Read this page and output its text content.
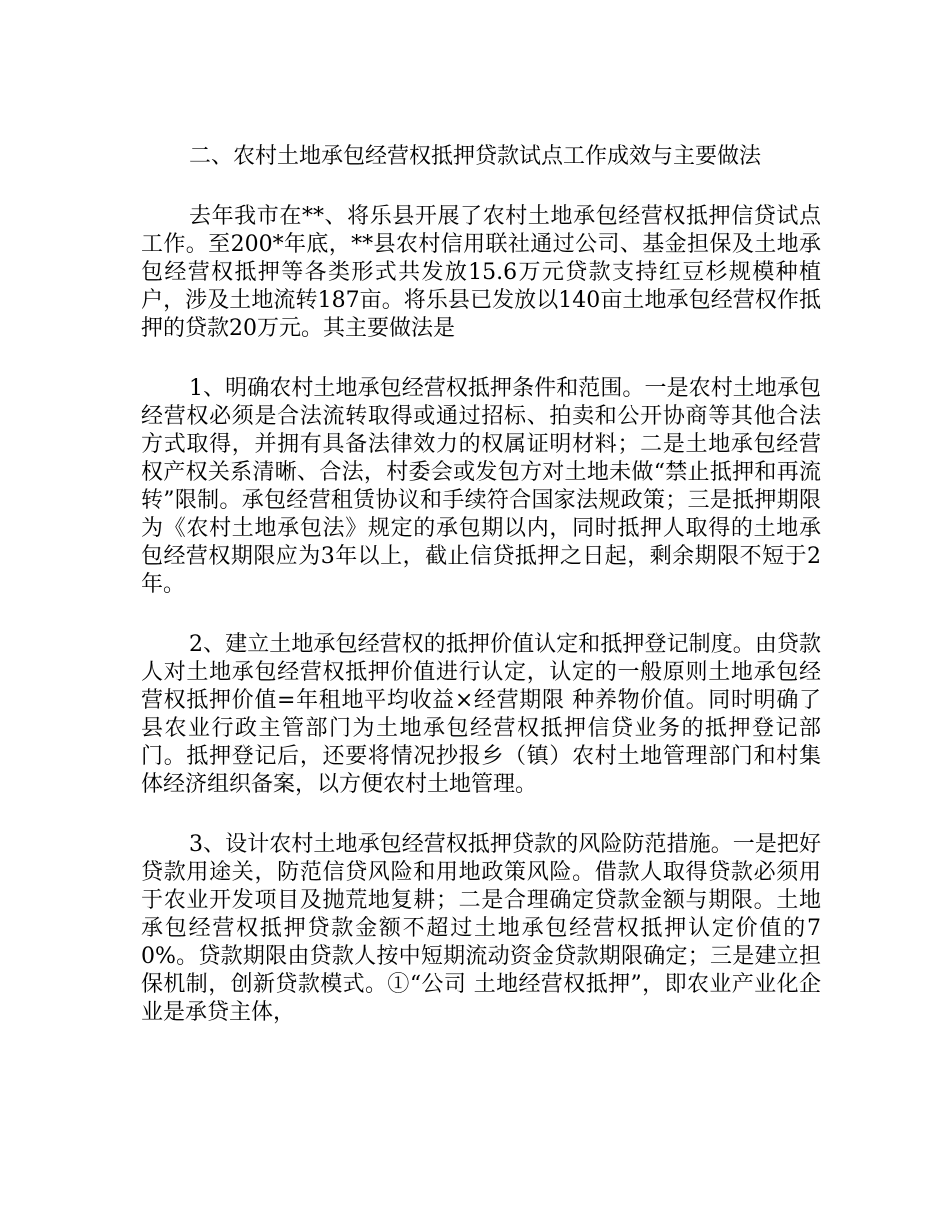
二、农村土地承包经营权抵押贷款试点工作成效与主要做法

去年我市在**、将乐县开展了农村土地承包经营权抵押信贷试点工作。至200*年底，**县农村信用联社通过公司、基金担保及土地承包经营权抵押等各类形式共发放15.6万元贷款支持红豆杉规模种植户，涉及土地流转187亩。将乐县已发放以140亩土地承包经营权作抵押的贷款20万元。其主要做法是

1、明确农村土地承包经营权抵押条件和范围。一是农村土地承包经营权必须是合法流转取得或通过招标、拍卖和公开协商等其他合法方式取得，并拥有具备法律效力的权属证明材料；二是土地承包经营权产权关系清晰、合法，村委会或发包方对土地未做“禁止抵押和再流转”限制。承包经营租赁协议和手续符合国家法规政策；三是抵押期限为《农村土地承包法》规定的承包期以内，同时抵押人取得的土地承包经营权期限应为3年以上，截止信贷抵押之日起，剩余期限不短于2年。

2、建立土地承包经营权的抵押价值认定和抵押登记制度。由贷款人对土地承包经营权抵押价值进行认定，认定的一般原则土地承包经营权抵押价值=年租地平均收益×经营期限 种养物价值。同时明确了县农业行政主管部门为土地承包经营权抵押信贷业务的抵押登记部门。抵押登记后，还要将情况抄报乡（镇）农村土地管理部门和村集体经济组织备案，以方便农村土地管理。

3、设计农村土地承包经营权抵押贷款的风险防范措施。一是把好贷款用途关，防范信贷风险和用地政策风险。借款人取得贷款必须用于农业开发项目及抛荒地复耕；二是合理确定贷款金额与期限。土地承包经营权抵押贷款金额不超过土地承包经营权抵押认定价值的70%。贷款期限由贷款人按中短期流动资金贷款期限确定；三是建立担保机制，创新贷款模式。①“公司 土地经营权抵押”，即农业产业化企业是承贷主体，
